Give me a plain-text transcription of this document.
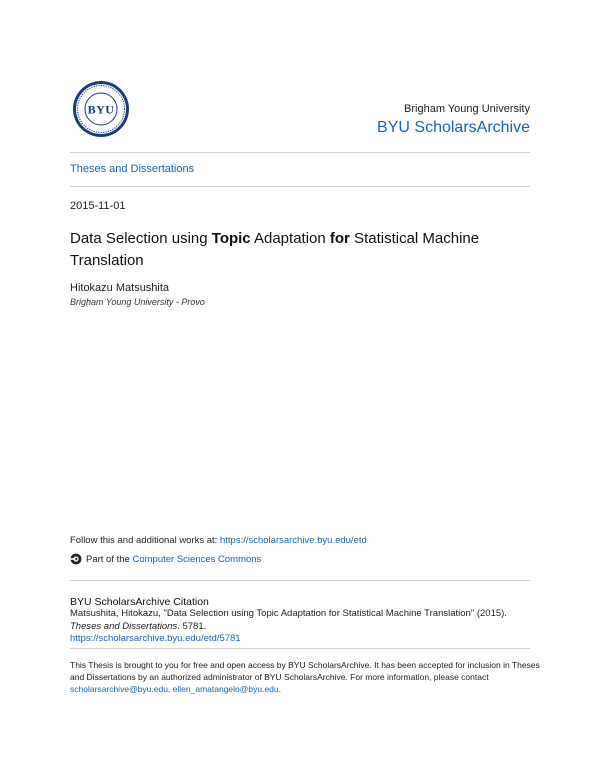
BYU	Brigham Young University
BYU ScholarsArchive
Theses and Dissertations
2015-11-01
Data Selection using Topic Adaptation for Statistical Machine Translation
Hitokazu Matsushita
Brigham Young University - Provo
Follow this and additional works at: https://scholarsarchive.byu.edu/etd
Part of the Computer Sciences Commons
BYU ScholarsArchive Citation
Matsushita, Hitokazu, "Data Selection using Topic Adaptation for Statistical Machine Translation" (2015).
Theses and Dissertations. 5781.
https://scholarsarchive.byu.edu/etd/5781
This Thesis is brought to you for free and open access by BYU ScholarsArchive. It has been accepted for inclusion in Theses and Dissertations by an authorized administrator of BYU ScholarsArchive. For more information, please contact scholarsarchive@byu.edu, ellen_amatangelo@byu.edu.
